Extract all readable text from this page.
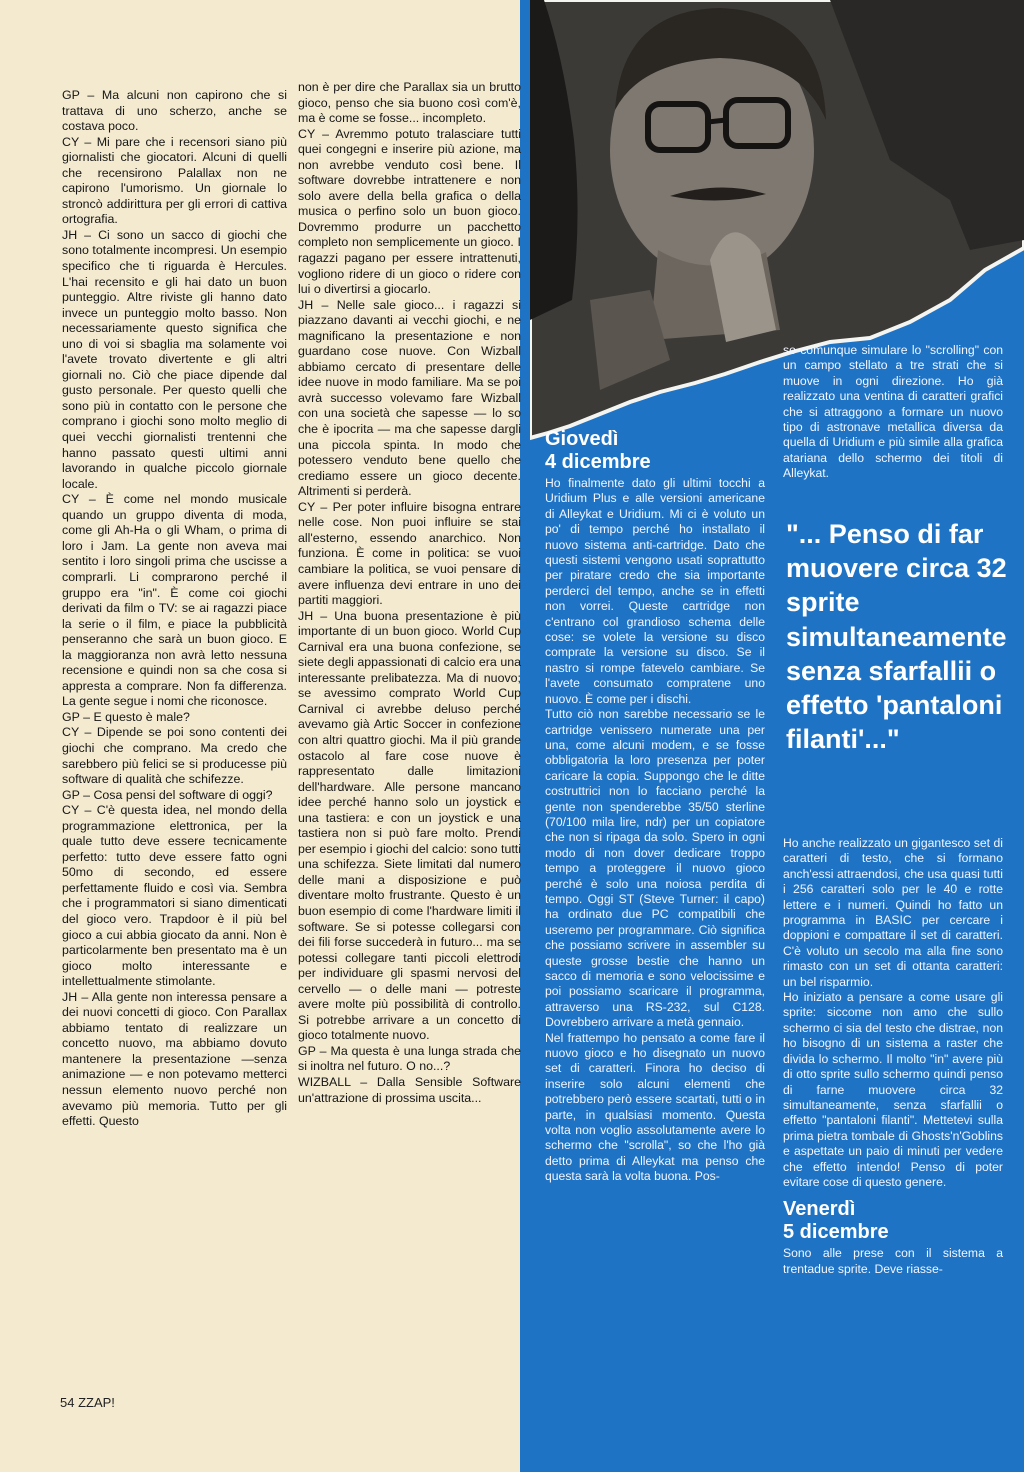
GP – Ma alcuni non capirono che si trattava di uno scherzo, anche se costava poco.

CY – Mi pare che i recensori siano più giornalisti che giocatori. Alcuni di quelli che recensirono Palallax non ne capirono l'umorismo. Un giornale lo stroncò addirittura per gli errori di cattiva ortografia.

JH – Ci sono un sacco di giochi che sono totalmente incompresi. Un esempio specifico che ti riguarda è Hercules. L'hai recensito e gli hai dato un buon punteggio. Altre riviste gli hanno dato invece un punteggio molto basso. Non necessariamente questo significa che uno di voi si sbaglia ma solamente voi l'avete trovato divertente e gli altri giornali no. Ciò che piace dipende dal gusto personale. Per questo quelli che sono più in contatto con le persone che comprano i giochi sono molto meglio di quei vecchi giornalisti trentenni che hanno passato questi ultimi anni lavorando in qualche piccolo giornale locale.

CY – È come nel mondo musicale quando un gruppo diventa di moda, come gli Ah-Ha o gli Wham, o prima di loro i Jam. La gente non aveva mai sentito i loro singoli prima che uscisse a comprarli. Li comprarono perché il gruppo era "in". È come coi giochi derivati da film o TV: se ai ragazzi piace la serie o il film, e piace la pubblicità penseranno che sarà un buon gioco. E la maggioranza non avrà letto nessuna recensione e quindi non sa che cosa si appresta a comprare. Non fa differenza. La gente segue i nomi che riconosce.

GP – E questo è male?

CY – Dipende se poi sono contenti dei giochi che comprano. Ma credo che sarebbero più felici se si producesse più software di qualità che schifezze.

GP – Cosa pensi del software di oggi?

CY – C'è questa idea, nel mondo della programmazione elettronica, per la quale tutto deve essere tecnicamente perfetto: tutto deve essere fatto ogni 50mo di secondo, ed essere perfettamente fluido e così via. Sembra che i programmatori si siano dimenticati del gioco vero. Trapdoor è il più bel gioco a cui abbia giocato da anni. Non è particolarmente ben presentato ma è un gioco molto interessante e intellettualmente stimolante.

JH – Alla gente non interessa pensare a dei nuovi concetti di gioco. Con Parallax abbiamo tentato di realizzare un concetto nuovo, ma abbiamo dovuto mantenere la presentazione —senza animazione — e non potevamo metterci nessun elemento nuovo perché non avevamo più memoria. Tutto per gli effetti. Questo

non è per dire che Parallax sia un brutto gioco, penso che sia buono così com'è, ma è come se fosse... incompleto.

CY – Avremmo potuto tralasciare tutti quei congegni e inserire più azione, ma non avrebbe venduto così bene. Il software dovrebbe intrattenere e non solo avere della bella grafica o della musica o perfino solo un buon gioco. Dovremmo produrre un pacchetto completo non semplicemente un gioco. I ragazzi pagano per essere intrattenuti, vogliono ridere di un gioco o ridere con lui o divertirsi a giocarlo.

JH – Nelle sale gioco... i ragazzi si piazzano davanti ai vecchi giochi, e ne magnificano la presentazione e non guardano cose nuove. Con Wizball abbiamo cercato di presentare delle idee nuove in modo familiare. Ma se poi avrà successo volevamo fare Wizball con una società che sapesse — lo so che è ipocrita — ma che sapesse dargli una piccola spinta. In modo che potessero venduto bene quello che crediamo essere un gioco decente. Altrimenti si perderà.

CY – Per poter influire bisogna entrare nelle cose. Non puoi influire se stai all'esterno, essendo anarchico. Non funziona. È come in politica: se vuoi cambiare la politica, se vuoi pensare di avere influenza devi entrare in uno dei partiti maggiori.

JH – Una buona presentazione è più importante di un buon gioco. World Cup Carnival era una buona confezione, se siete degli appassionati di calcio era una interessante prelibatezza. Ma di nuovo; se avessimo comprato World Cup Carnival ci avrebbe deluso perché avevamo già Artic Soccer in confezione con altri quattro giochi. Ma il più grande ostacolo al fare cose nuove è rappresentato dalle limitazioni dell'hardware. Alle persone mancano idee perché hanno solo un joystick e una tastiera: e con un joystick e una tastiera non si può fare molto. Prendi per esempio i giochi del calcio: sono tutti una schifezza. Siete limitati dal numero delle mani a disposizione e può diventare molto frustrante. Questo è un buon esempio di come l'hardware limiti il software. Se si potesse collegarsi con dei fili forse succederà in futuro... ma se potessi collegare tanti piccoli elettrodi per individuare gli spasmi nervosi del cervello — o delle mani — potreste avere molte più possibilità di controllo. Si potrebbe arrivare a un concetto di gioco totalmente nuovo.

GP – Ma questa è una lunga strada che si inoltra nel futuro. O no...?

WIZBALL – Dalla Sensible Software un'attrazione di prossima uscita...

Giovedì
4 dicembre

Ho finalmente dato gli ultimi tocchi a Uridium Plus e alle versioni americane di Alleykat e Uridium. Mi ci è voluto un po' di tempo perché ho installato il nuovo sistema anti-cartridge. Dato che questi sistemi vengono usati soprattutto per piratare credo che sia importante perderci del tempo, anche se in effetti non vorrei. Queste cartridge non c'entrano col grandioso schema delle cose: se volete la versione su disco comprate la versione su disco. Se il nastro si rompe fatevelo cambiare. Se l'avete consumato compratene uno nuovo. È come per i dischi.

Tutto ciò non sarebbe necessario se le cartridge venissero numerate una per una, come alcuni modem, e se fosse obbligatoria la loro presenza per poter caricare la copia. Suppongo che le ditte costruttrici non lo facciano perché la gente non spenderebbe 35/50 sterline (70/100 mila lire, ndr) per un copiatore che non si ripaga da solo. Spero in ogni modo di non dover dedicare troppo tempo a proteggere il nuovo gioco perché è solo una noiosa perdita di tempo. Oggi ST (Steve Turner: il capo) ha ordinato due PC compatibili che useremo per programmare. Ciò significa che possiamo scrivere in assembler su queste grosse bestie che hanno un sacco di memoria e sono velocissime e poi possiamo scaricare il programma, attraverso una RS-232, sul C128. Dovrebbero arrivare a metà gennaio.

Nel frattempo ho pensato a come fare il nuovo gioco e ho disegnato un nuovo set di caratteri. Finora ho deciso di inserire solo alcuni elementi che potrebbero però essere scartati, tutti o in parte, in qualsiasi momento. Questa volta non voglio assolutamente avere lo schermo che "scrolla", so che l'ho già detto prima di Alleykat ma penso che questa sarà la volta buona. Pos-

so comunque simulare lo "scrolling" con un campo stellato a tre strati che si muove in ogni direzione. Ho già realizzato una ventina di caratteri grafici che si attraggono a formare un nuovo tipo di astronave metallica diversa da quella di Uridium e più simile alla grafica atariana dello schermo dei titoli di Alleykat.

"... Penso di far muovere circa 32 sprite simultaneamente senza sfarfallii o effetto 'pantaloni filanti'..."

Ho anche realizzato un gigantesco set di caratteri di testo, che si formano anch'essi attraendosi, che usa quasi tutti i 256 caratteri solo per le 40 e rotte lettere e i numeri. Quindi ho fatto un programma in BASIC per cercare i doppioni e compattare il set di caratteri. C'è voluto un secolo ma alla fine sono rimasto con un set di ottanta caratteri: un bel risparmio.

Ho iniziato a pensare a come usare gli sprite: siccome non amo che sullo schermo ci sia del testo che distrae, non ho bisogno di un sistema a raster che divida lo schermo. Il molto "in" avere più di otto sprite sullo schermo quindi penso di farne muovere circa 32 simultaneamente, senza sfarfallii o effetto "pantaloni filanti". Mettetevi sulla prima pietra tombale di Ghosts'n'Goblins e aspettate un paio di minuti per vedere che effetto intendo! Penso di poter evitare cose di questo genere.

Venerdì
5 dicembre

Sono alle prese con il sistema a trentadue sprite. Deve riasse-

54 ZZAP!
